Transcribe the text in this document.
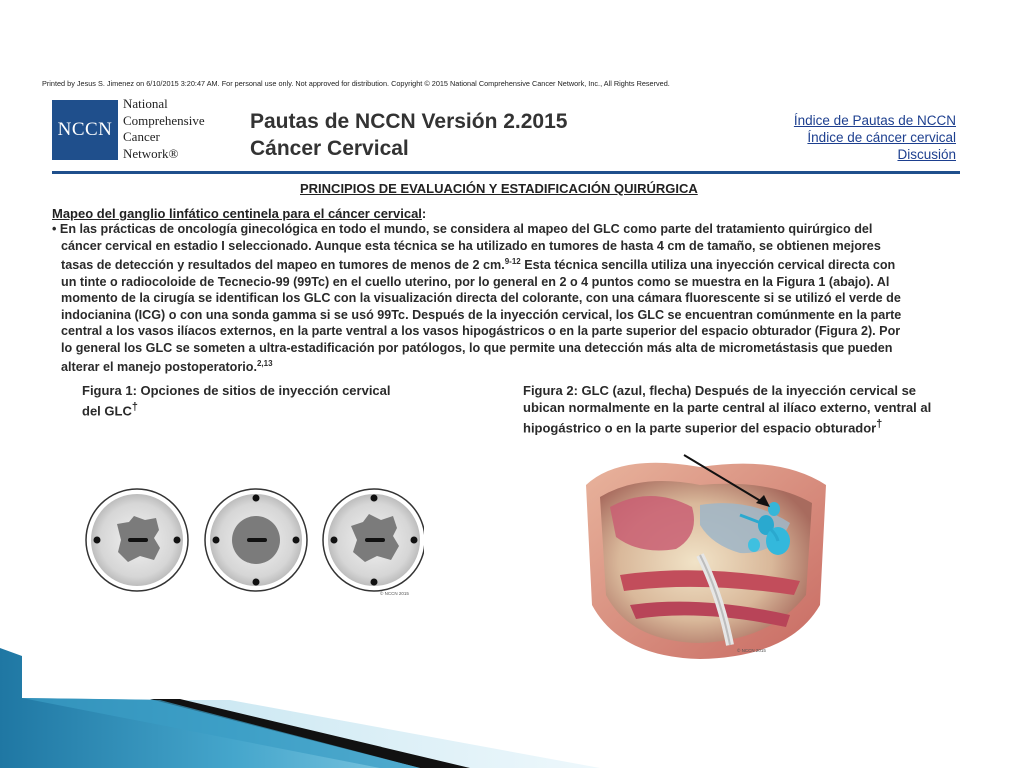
Printed by Jesus S. Jimenez on 6/10/2015 3:20:47 AM. For personal use only. Not approved for distribution. Copyright © 2015 National Comprehensive Cancer Network, Inc., All Rights Reserved.
NCCN
National
Comprehensive
Cancer
Network®
Pautas de NCCN Versión 2.2015
Cáncer Cervical
Índice de Pautas de NCCN
Índice de cáncer cervical
Discusión
PRINCIPIOS DE EVALUACIÓN Y ESTADIFICACIÓN QUIRÚRGICA
Mapeo del ganglio linfático centinela para el cáncer cervical:
• En las prácticas de oncología ginecológica en todo el mundo, se considera al mapeo del GLC como parte del tratamiento quirúrgico del
cáncer cervical en estadio I seleccionado. Aunque esta técnica se ha utilizado en tumores de hasta 4 cm de tamaño, se obtienen mejores
tasas de detección y resultados del mapeo en tumores de menos de 2 cm.$^{9-12}$ Esta técnica sencilla utiliza una inyección cervical directa con
un tinte o radiocoloide de Tecnecio-99 (99Tc) en el cuello uterino, por lo general en 2 o 4 puntos como se muestra en la Figura 1 (abajo). Al
momento de la cirugía se identifican los GLC con la visualización directa del colorante, con una cámara fluorescente si se utilizó el verde de
indocianina (ICG) o con una sonda gamma si se usó 99Tc. Después de la inyección cervical, los GLC se encuentran comúnmente en la parte
central a los vasos ilíacos externos, en la parte ventral a los vasos hipogástricos o en la parte superior del espacio obturador (Figura 2). Por
lo general los GLC se someten a ultra-estadificación por patólogos, lo que permite una detección más alta de micrometástasis que pueden
alterar el manejo postoperatorio.$^{2,13}$
Figura 1: Opciones de sitios de inyección cervical
del GLC†
Figura 2: GLC (azul, flecha) Después de la inyección cervical se
ubican normalmente en la parte central al ilíaco externo, ventral al
hipogástrico o en la parte superior del espacio obturador†
© NCCN 2015
© NCCN 2015
